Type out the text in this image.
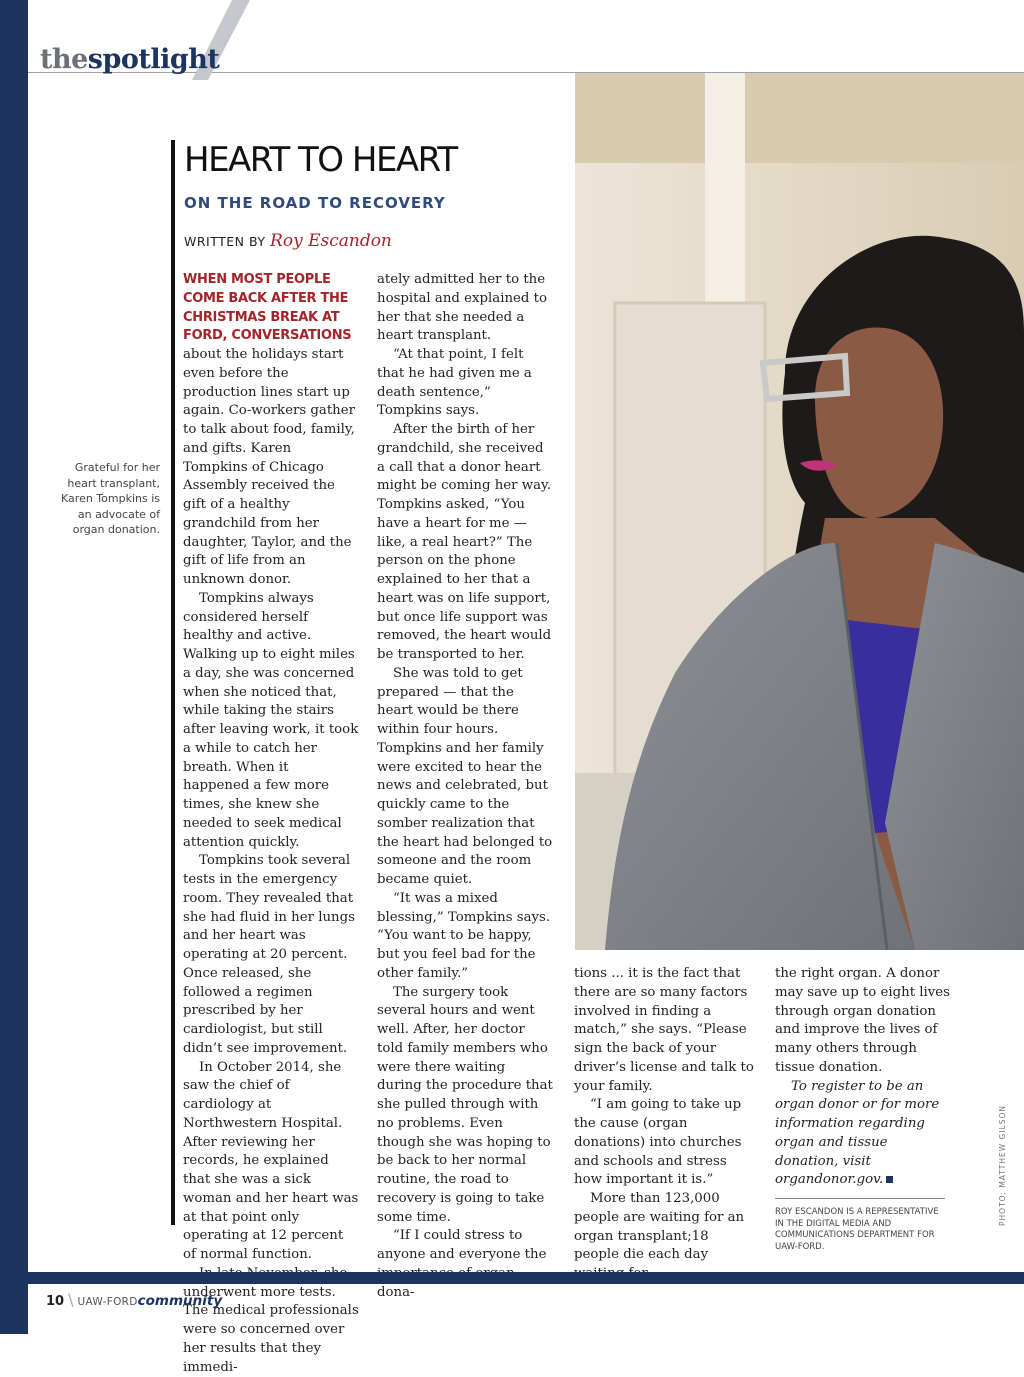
thespotlight
PHOTO: MATTHEW GILSON
HEART TO HEART
ON THE ROAD TO RECOVERY
WRITTEN BY Roy Escandon
Grateful for her heart transplant, Karen Tompkins is an advocate of organ donation.

WHEN MOST PEOPLE COME BACK AFTER THE CHRISTMAS BREAK AT FORD, CONVERSATIONS
about the holidays start even before the production lines start up again. Co-workers gather to talk about food, family, and gifts. Karen Tompkins of Chicago Assembly received the gift of a healthy grandchild from her daughter, Taylor, and the gift of life from an unknown donor.

Tompkins always considered herself healthy and active. Walking up to eight miles a day, she was concerned when she noticed that, while taking the stairs after leaving work, it took a while to catch her breath. When it happened a few more times, she knew she needed to seek medical attention quickly.

Tompkins took several tests in the emergency room. They revealed that she had fluid in her lungs and her heart was operating at 20 percent. Once released, she followed a regimen prescribed by her cardiologist, but still didn’t see improvement.

In October 2014, she saw the chief of cardiology at Northwestern Hospital. After reviewing her records, he explained that she was a sick woman and her heart was at that point only operating at 12 percent of normal function.

underwent more tests. The medical professionals were so concerned over her results that they immedi-

ately admitted her to the hospital and explained to her that she needed a heart transplant.

“At that point, I felt that he had given me a death sentence,” Tompkins says.

After the birth of her grandchild, she received a call that a donor heart might be coming her way. Tompkins asked, “You have a heart for me — like, a real heart?” The person on the phone explained to her that a heart was on life support, but once life support was removed, the heart would be transported to her.

She was told to get prepared — that the heart would be there within four hours. Tompkins and her family were excited to hear the news and celebrated, but quickly came to the somber realization that the heart had belonged to someone and the room became quiet.

“It was a mixed blessing,” Tompkins says. “You want to be happy, but you feel bad for the other family.”

The surgery took several hours and went well. After, her doctor told family members who were there waiting during the procedure that she pulled through with no problems. Even though she was hoping to be back to her normal routine, the road to recovery is going to take some time.

“If I could stress to anyone and everyone the dona-

tions ... it is the fact that there are so many factors involved in finding a match,” she says. “Please sign the back of your driver’s license and talk to your family.

“I am going to take up the cause (organ donations) into churches and schools and stress how important it is.”

More than 123,000 people are waiting for an organ transplant;18 people die each day

the right organ. A donor may save up to eight lives through organ donation and improve the lives of many others through tissue donation.

To register to be an organ donor or for more information regarding organ and tissue donation, visit organdonor.gov.

ROY ESCANDON IS A REPRESENTATIVE IN THE DIGITAL MEDIA AND COMMUNICATIONS DEPARTMENT FOR UAW-FORD.
10 \ UAW-FORDcommunity
